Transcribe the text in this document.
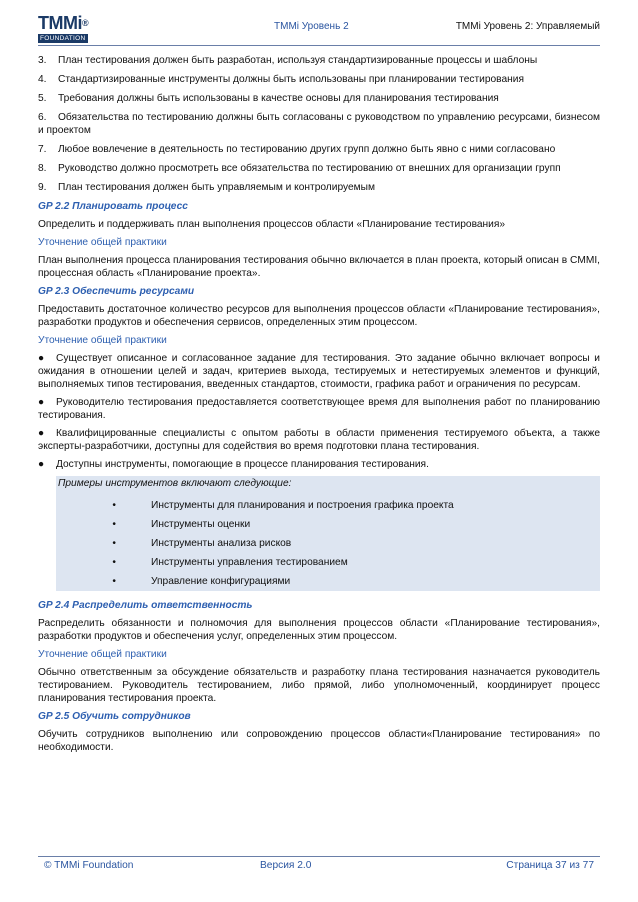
TMMi®
FOUNDATION
TMMi Уровень 2	TMMi Уровень 2: Управляемый
3.	План тестирования должен быть разработан, используя стандартизированные процессы и шаблоны
4.	Стандартизированные инструменты должны быть использованы при планировании тестирования
5.	Требования должны быть использованы в качестве основы для планирования тестирования
6. Обязательства по тестированию должны быть согласованы с руководством по управлению ресурсами, бизнесом и проектом
7.	Любое вовлечение в деятельность по тестированию других групп должно быть явно с ними согласовано
8.	Руководство должно просмотреть все обязательства по тестированию от внешних для организации групп
9.	План тестирования должен быть управляемым и контролируемым
GP 2.2 Планировать процесс
Определить и поддерживать план выполнения процессов области «Планирование тестирования»
Уточнение общей практики
План выполнения процесса планирования тестирования обычно включается в план проекта, который описан в CMMI, процессная область «Планирование проекта».
GP 2.3 Обеспечить ресурсами
Предоставить достаточное количество ресурсов для выполнения процессов области «Планирование тестирования», разработки продуктов и обеспечения сервисов, определенных этим процессом.
Уточнение общей практики
● Существует описанное и согласованное задание для тестирования. Это задание обычно включает вопросы и ожидания в отношении целей и задач, критериев выхода, тестируемых и нетестируемых элементов и функций, выполняемых типов тестирования, введенных стандартов, стоимости, графика работ и ограничения по ресурсам.
● Руководителю тестирования предоставляется соответствующее время для выполнения работ по планированию тестирования.
● Квалифицированные специалисты с опытом работы в области применения тестируемого объекта, а также эксперты-разработчики, доступны для содействия во время подготовки плана тестирования.
● Доступны инструменты, помогающие в процессе планирования тестирования.
Примеры инструментов включают следующие:
•	Инструменты для планирования и построения графика проекта
•	Инструменты оценки
•	Инструменты анализа рисков
•	Инструменты управления тестированием
•	Управление конфигурациями
GP 2.4 Распределить ответственность
Распределить обязанности и полномочия для выполнения процессов области «Планирование тестирования», разработки продуктов и обеспечения услуг, определенных этим процессом.
Уточнение общей практики
Обычно ответственным за обсуждение обязательств и разработку плана тестирования назначается руководитель тестированием. Руководитель тестированием, либо прямой, либо уполномоченный, координирует процесс планирования тестирования проекта.
GP 2.5 Обучить сотрудников
Обучить сотрудников выполнению или сопровождению процессов области«Планирование тестирования» по необходимости.
© TMMi Foundation	Версия 2.0	Страница 37 из 77
